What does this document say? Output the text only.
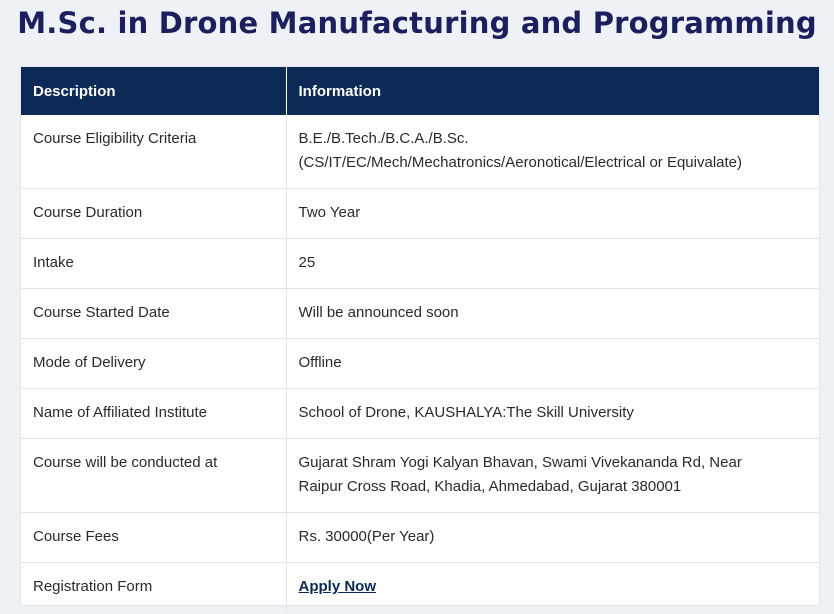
M.Sc. in Drone Manufacturing and Programming
Description	Information
Course Eligibility Criteria	B.E./B.Tech./B.C.A./B.Sc.
(CS/IT/EC/Mech/Mechatronics/Aeronotical/Electrical or Equivalate)

Course Duration	Two Year
Intake	25
Course Started Date	Will be announced soon
Mode of Delivery	Offline
Name of Affiliated Institute	School of Drone, KAUSHALYA:The Skill University
Course will be conducted at	Gujarat Shram Yogi Kalyan Bhavan, Swami Vivekananda Rd, Near
Raipur Cross Road, Khadia, Ahmedabad, Gujarat 380001

Course Fees	Rs. 30000(Per Year)
Registration Form	Apply Now
